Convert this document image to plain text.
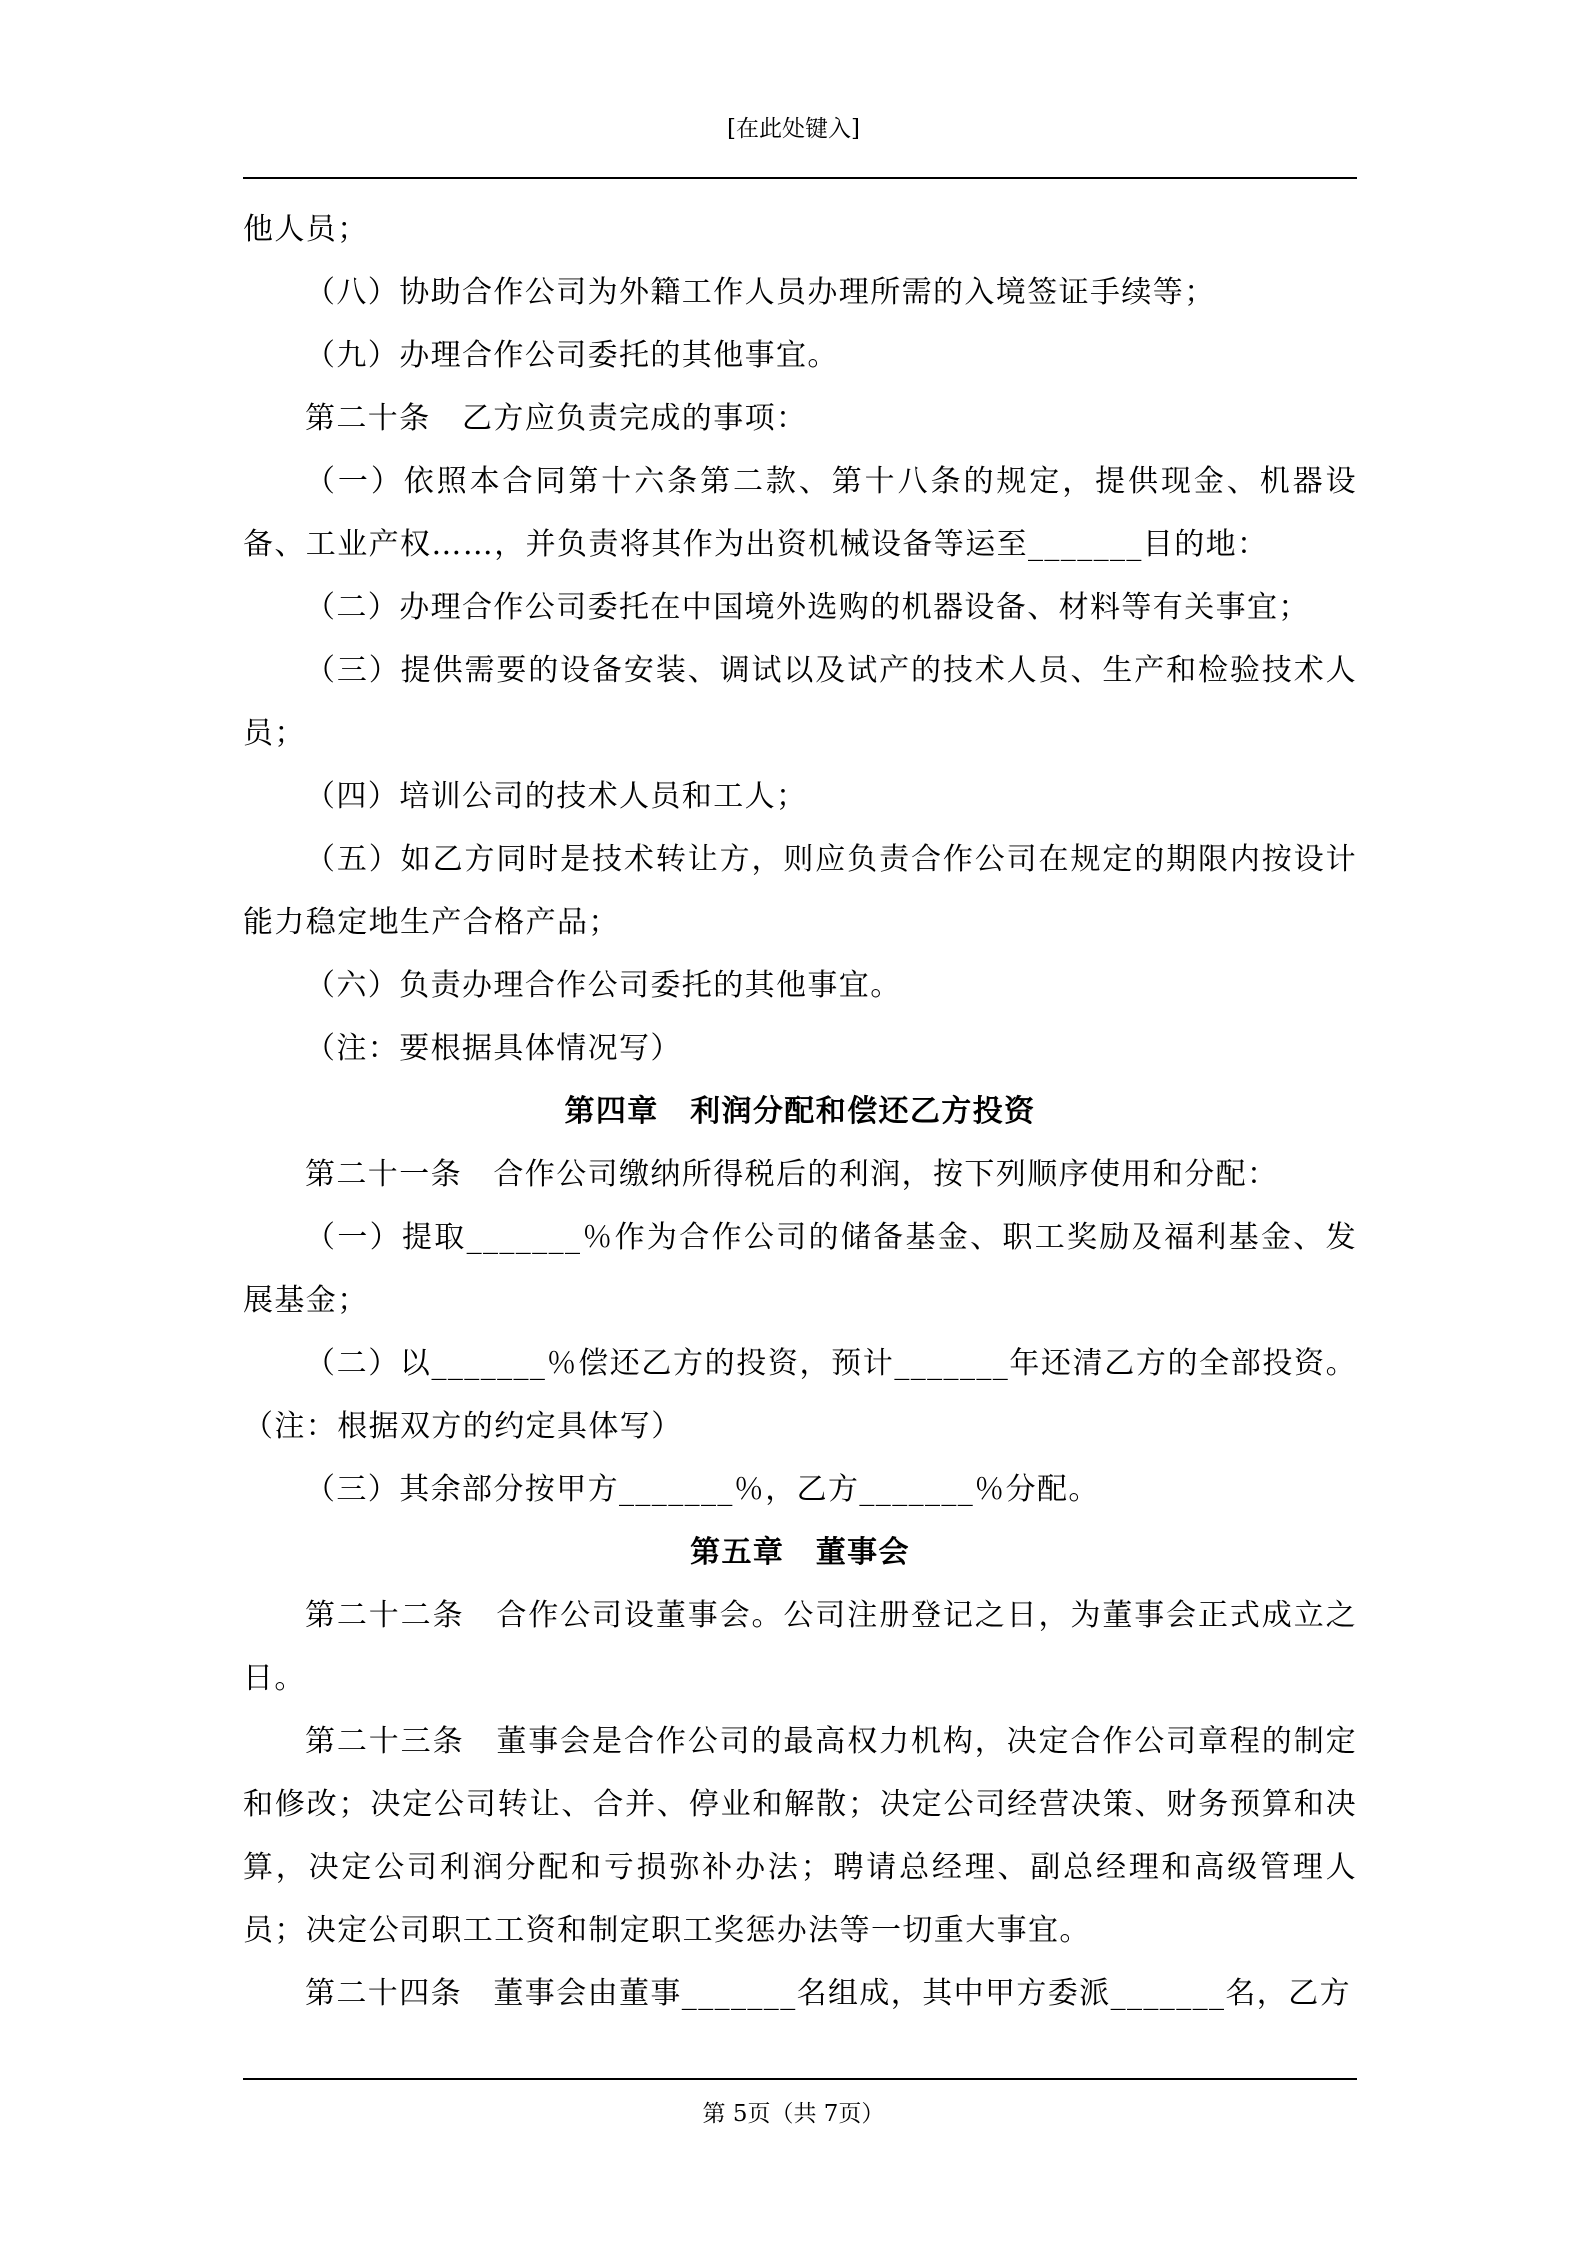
[在此处键入]

他人员；

（八）协助合作公司为外籍工作人员办理所需的入境签证手续等；

（九）办理合作公司委托的其他事宜。

第二十条　乙方应负责完成的事项：

（一）依照本合同第十六条第二款、第十八条的规定，提供现金、机器设备、工业产权……，并负责将其作为出资机械设备等运至_______目的地：

（二）办理合作公司委托在中国境外选购的机器设备、材料等有关事宜；

（三）提供需要的设备安装、调试以及试产的技术人员、生产和检验技术人员；

（四）培训公司的技术人员和工人；

（五）如乙方同时是技术转让方，则应负责合作公司在规定的期限内按设计能力稳定地生产合格产品；

（六）负责办理合作公司委托的其他事宜。

（注：要根据具体情况写）

第四章　利润分配和偿还乙方投资

第二十一条　合作公司缴纳所得税后的利润，按下列顺序使用和分配：

（一）提取_______％作为合作公司的储备基金、职工奖励及福利基金、发展基金；

（二）以_______％偿还乙方的投资，预计_______年还清乙方的全部投资。（注：根据双方的约定具体写）

（三）其余部分按甲方_______％，乙方_______％分配。

第五章　董事会

第二十二条　合作公司设董事会。公司注册登记之日，为董事会正式成立之日。

第二十三条　董事会是合作公司的最高权力机构，决定合作公司章程的制定和修改；决定公司转让、合并、停业和解散；决定公司经营决策、财务预算和决算，决定公司利润分配和亏损弥补办法；聘请总经理、副总经理和高级管理人员；决定公司职工工资和制定职工奖惩办法等一切重大事宜。

第二十四条　董事会由董事_______名组成，其中甲方委派_______名，乙方

第 5页（共 7页）
